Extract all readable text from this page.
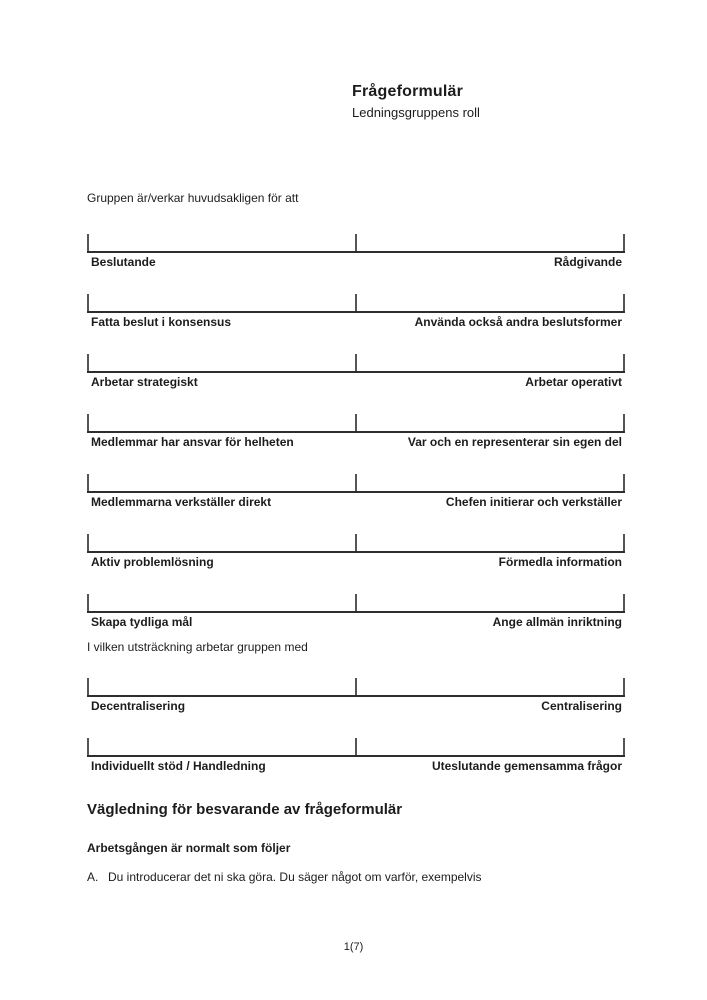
Frågeformulär
Ledningsgruppens roll
Gruppen är/verkar huvudsakligen för att
Beslutande	Rådgivande
Fatta beslut i konsensus	Använda också andra beslutsformer
Arbetar strategiskt	Arbetar operativt
Medlemmar har ansvar för helheten	Var och en representerar sin egen del
Medlemmarna verkställer direkt	Chefen initierar och verkställer
Aktiv problemlösning	Förmedla information
Skapa tydliga mål	Ange allmän inriktning
I vilken utsträckning arbetar gruppen med
Decentralisering	Centralisering
Individuellt stöd / Handledning	Uteslutande gemensamma frågor
Vägledning för besvarande av frågeformulär
Arbetsgången är normalt som följer
A. Du introducerar det ni ska göra. Du säger något om varför, exempelvis
1(7)
